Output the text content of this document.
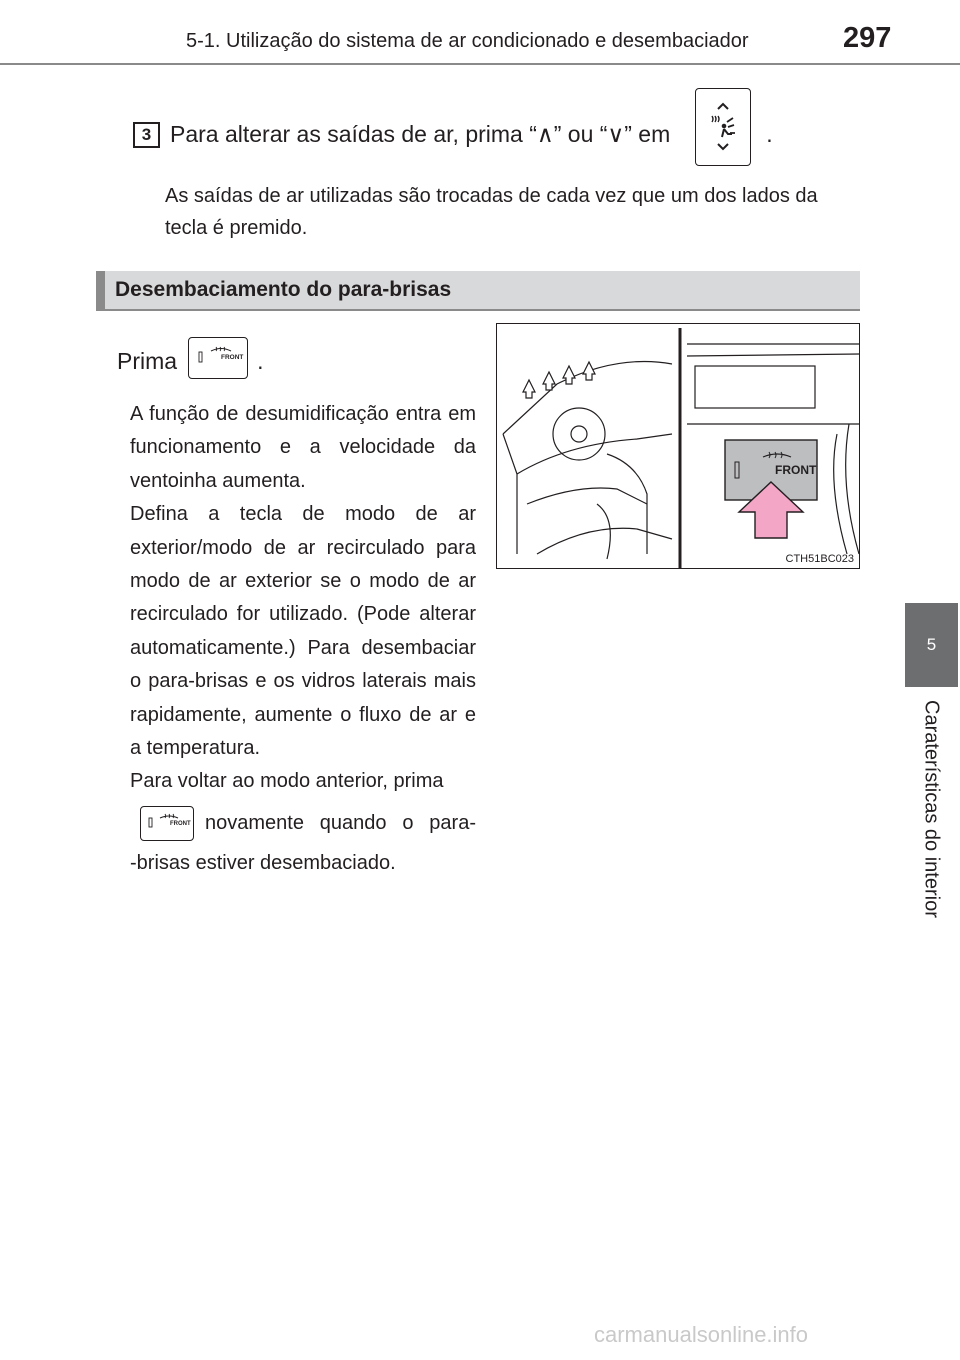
5-1. Utilização do sistema de ar condicionado e desembaciador	297
5
Caraterísticas do interior
3 Para alterar as saídas de ar, prima “∧” ou “∨” em	.
As saídas de ar utilizadas são trocadas de cada vez que um dos lados da tecla é premido.
Desembaciamento do para-brisas
Prima	.
FRONT

A função de desumidificação entra em funcionamento e a velocidade da ventoinha aumenta.

Defina a tecla de modo de ar exterior/modo de ar recirculado para modo de ar exterior se o modo de ar recirculado for utilizado. (Pode alterar automaticamente.) Para desembaciar o para-brisas e os vidros laterais mais rapidamente, aumente o fluxo de ar e a temperatura.

Para voltar ao modo anterior, prima

FRONT novamente quando o para-
-brisas estiver desembaciado.
FRONT
CTH51BC023
carmanualsonline.info
